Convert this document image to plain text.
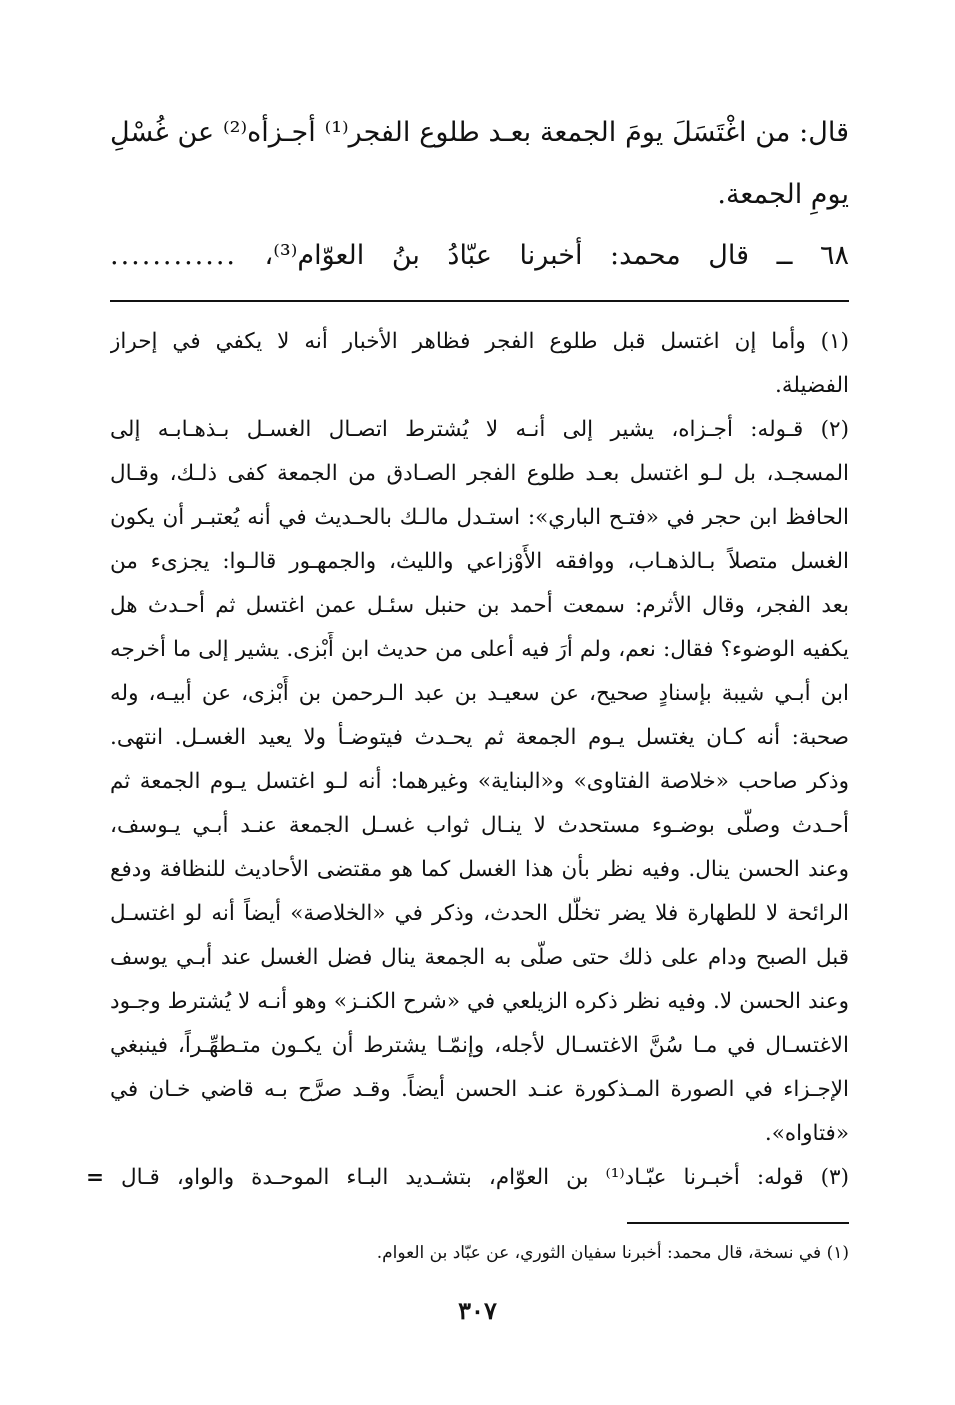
قال: من اغْتَسَلَ يومَ الجمعة بعـد طلوع الفجر⁽¹⁾ أجـزأه⁽²⁾ عن غُسْلِ
يومِ الجمعة.
٦٨ ــ قال محمد: أخبرنا عبّادُ بنُ العوّام⁽³⁾، ............
(١) وأما إن اغتسل قبل طلوع الفجر فظاهر الأخبار أنه لا يكفي في إحراز
الفضيلة.
(٢) قـوله: أجـزاه، يشير إلى أنـه لا يُشترط اتصـال الغسـل بـذهـابـه إلى
المسجـد، بل لـو اغتسل بعـد طلوع الفجر الصـادق من الجمعة كفى ذلـك، وقـال
الحافظ ابن حجر في «فتـح الباري»: استـدل مالـك بالحـديث في أنه يُعتبـر أن يكون
الغسل متصلاً بـالذهـاب، ووافقه الأَوْزاعي والليث، والجمهـور قالـوا: يجزىء من
بعد الفجر، وقال الأثرم: سمعت أحمد بن حنبل سئـل عمن اغتسل ثم أحـدث هل
يكفيه الوضوء؟ فقال: نعم، ولم أرَ فيه أعلى من حديث ابن أَبْزى. يشير إلى ما أخرجه
ابن أبـي شيبة بإسنادٍ صحيح، عن سعيـد بن عبد الـرحمن بن أَبْزى، عن أبيـه، وله
صحبة: أنه كـان يغتسل يـوم الجمعة ثم يحـدث فيتوضـأ ولا يعيد الغسـل. انتهى.
وذكر صاحب «خلاصة الفتاوى» و«البناية» وغيرهما: أنه لـو اغتسل يـوم الجمعة ثم
أحـدث وصلّى بوضـوء مستحدث لا ينـال ثواب غسـل الجمعة عنـد أبـي يـوسف،
وعند الحسن ينال. وفيه نظر بأن هذا الغسل كما هو مقتضى الأحاديث للنظافة ودفع
الرائحة لا للطهارة فلا يضر تخلُّل الحدث، وذكر في «الخلاصة» أيضاً أنه لو اغتسـل
قبل الصبح ودام على ذلك حتى صلّى به الجمعة ينال فضل الغسل عند أبـي يوسف
وعند الحسن لا. وفيه نظر ذكره الزيلعي في «شرح الكنـز» وهو أنـه لا يُشترط وجـود
الاغتسـال في مـا سُنَّ الاغتسـال لأجله، وإنمّـا يشترط أن يكـون متـطهِّـراً، فينبغي
الإجـزاء في الصورة المـذكورة عنـد الحسن أيضاً. وقـد صرَّح بـه قاضي خـان في
«فتاواه».
(٣) قوله: أخبـرنا عبّـاد⁽¹⁾ بن العوّام، بتشـديد البـاء الموحـدة والواو، قـال =
(١) في نسخة، قال محمد: أخبرنا سفيان الثوري، عن عبّاد بن العوام.
٣٠٧
